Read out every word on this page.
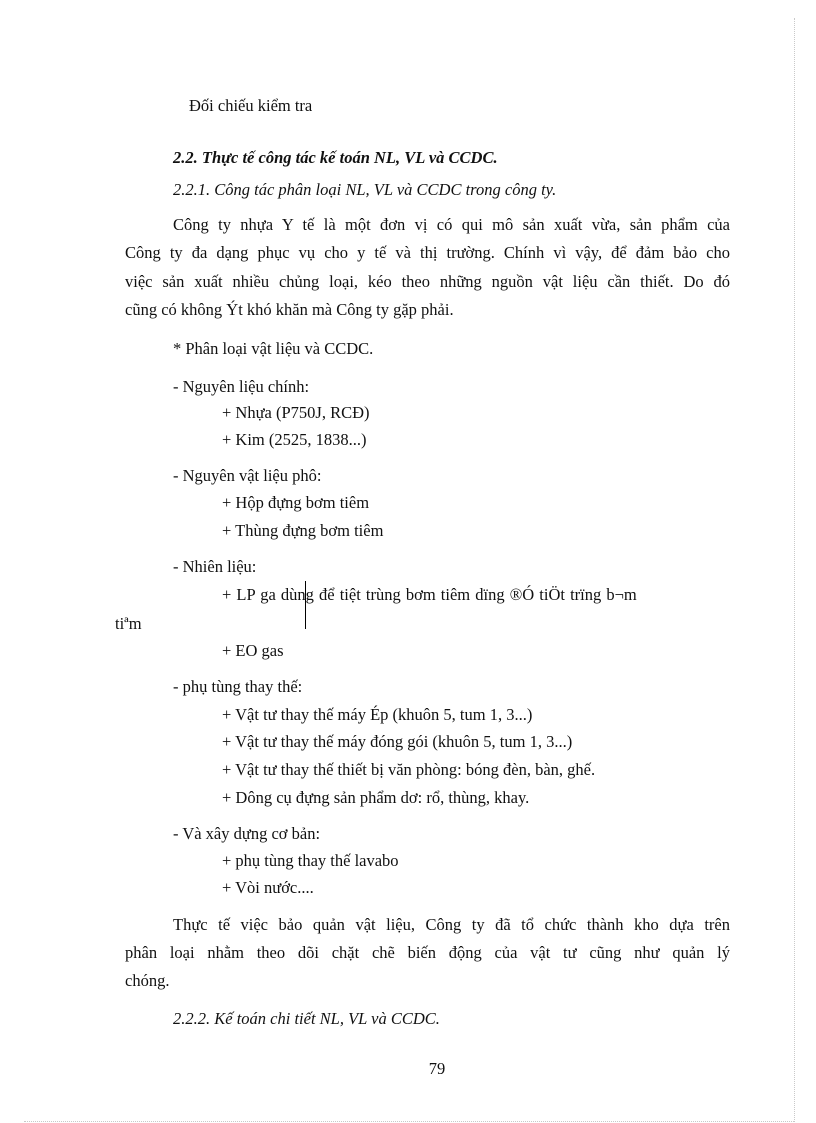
Đối chiếu kiểm tra
2.2. Thực tế công tác kế toán NL, VL và CCDC.
2.2.1. Công tác phân loại NL, VL và CCDC trong công ty.
Công ty nhựa Y tế là một đơn vị có qui mô sản xuất vừa, sản phẩm của
Công ty đa dạng phục vụ cho y tế và thị trường. Chính vì vậy, để đảm bảo cho
việc sản xuất nhiều chủng loại, kéo theo những nguồn vật liệu cần thiết. Do đó
cũng có không Ýt khó khăn mà Công ty gặp phải.
* Phân loại vật liệu và CCDC.
- Nguyên liệu chính:
+ Nhựa (P750J, RCĐ)
+ Kim (2525, 1838...)
- Nguyên vật liệu phô:
+ Hộp đựng bơm tiêm
+ Thùng đựng bơm tiêm
- Nhiên liệu:
+ LP ga dùng để tiệt trùng bơm tiêm dïng ®Ó tiÖt trïng b¬m
tiªm
+ EO gas
- phụ tùng thay thế:
+ Vật tư thay thế máy Ép (khuôn 5, tum 1, 3...)
+ Vật tư thay thế máy đóng gói (khuôn 5, tum 1, 3...)
+ Vật tư thay thế thiết bị văn phòng: bóng đèn, bàn, ghế.
+ Dông cụ đựng sản phẩm dơ: rổ, thùng, khay.
- Và xây dựng cơ bản:
+ phụ tùng thay thế lavabo
+ Vòi nước....
Thực tế việc bảo quản vật liệu, Công ty đã tổ chức thành kho dựa trên
phân loại nhằm theo dõi chặt chẽ biến động của vật tư cũng như quản lý
chóng.
2.2.2. Kế toán chi tiết NL, VL và CCDC.
79
